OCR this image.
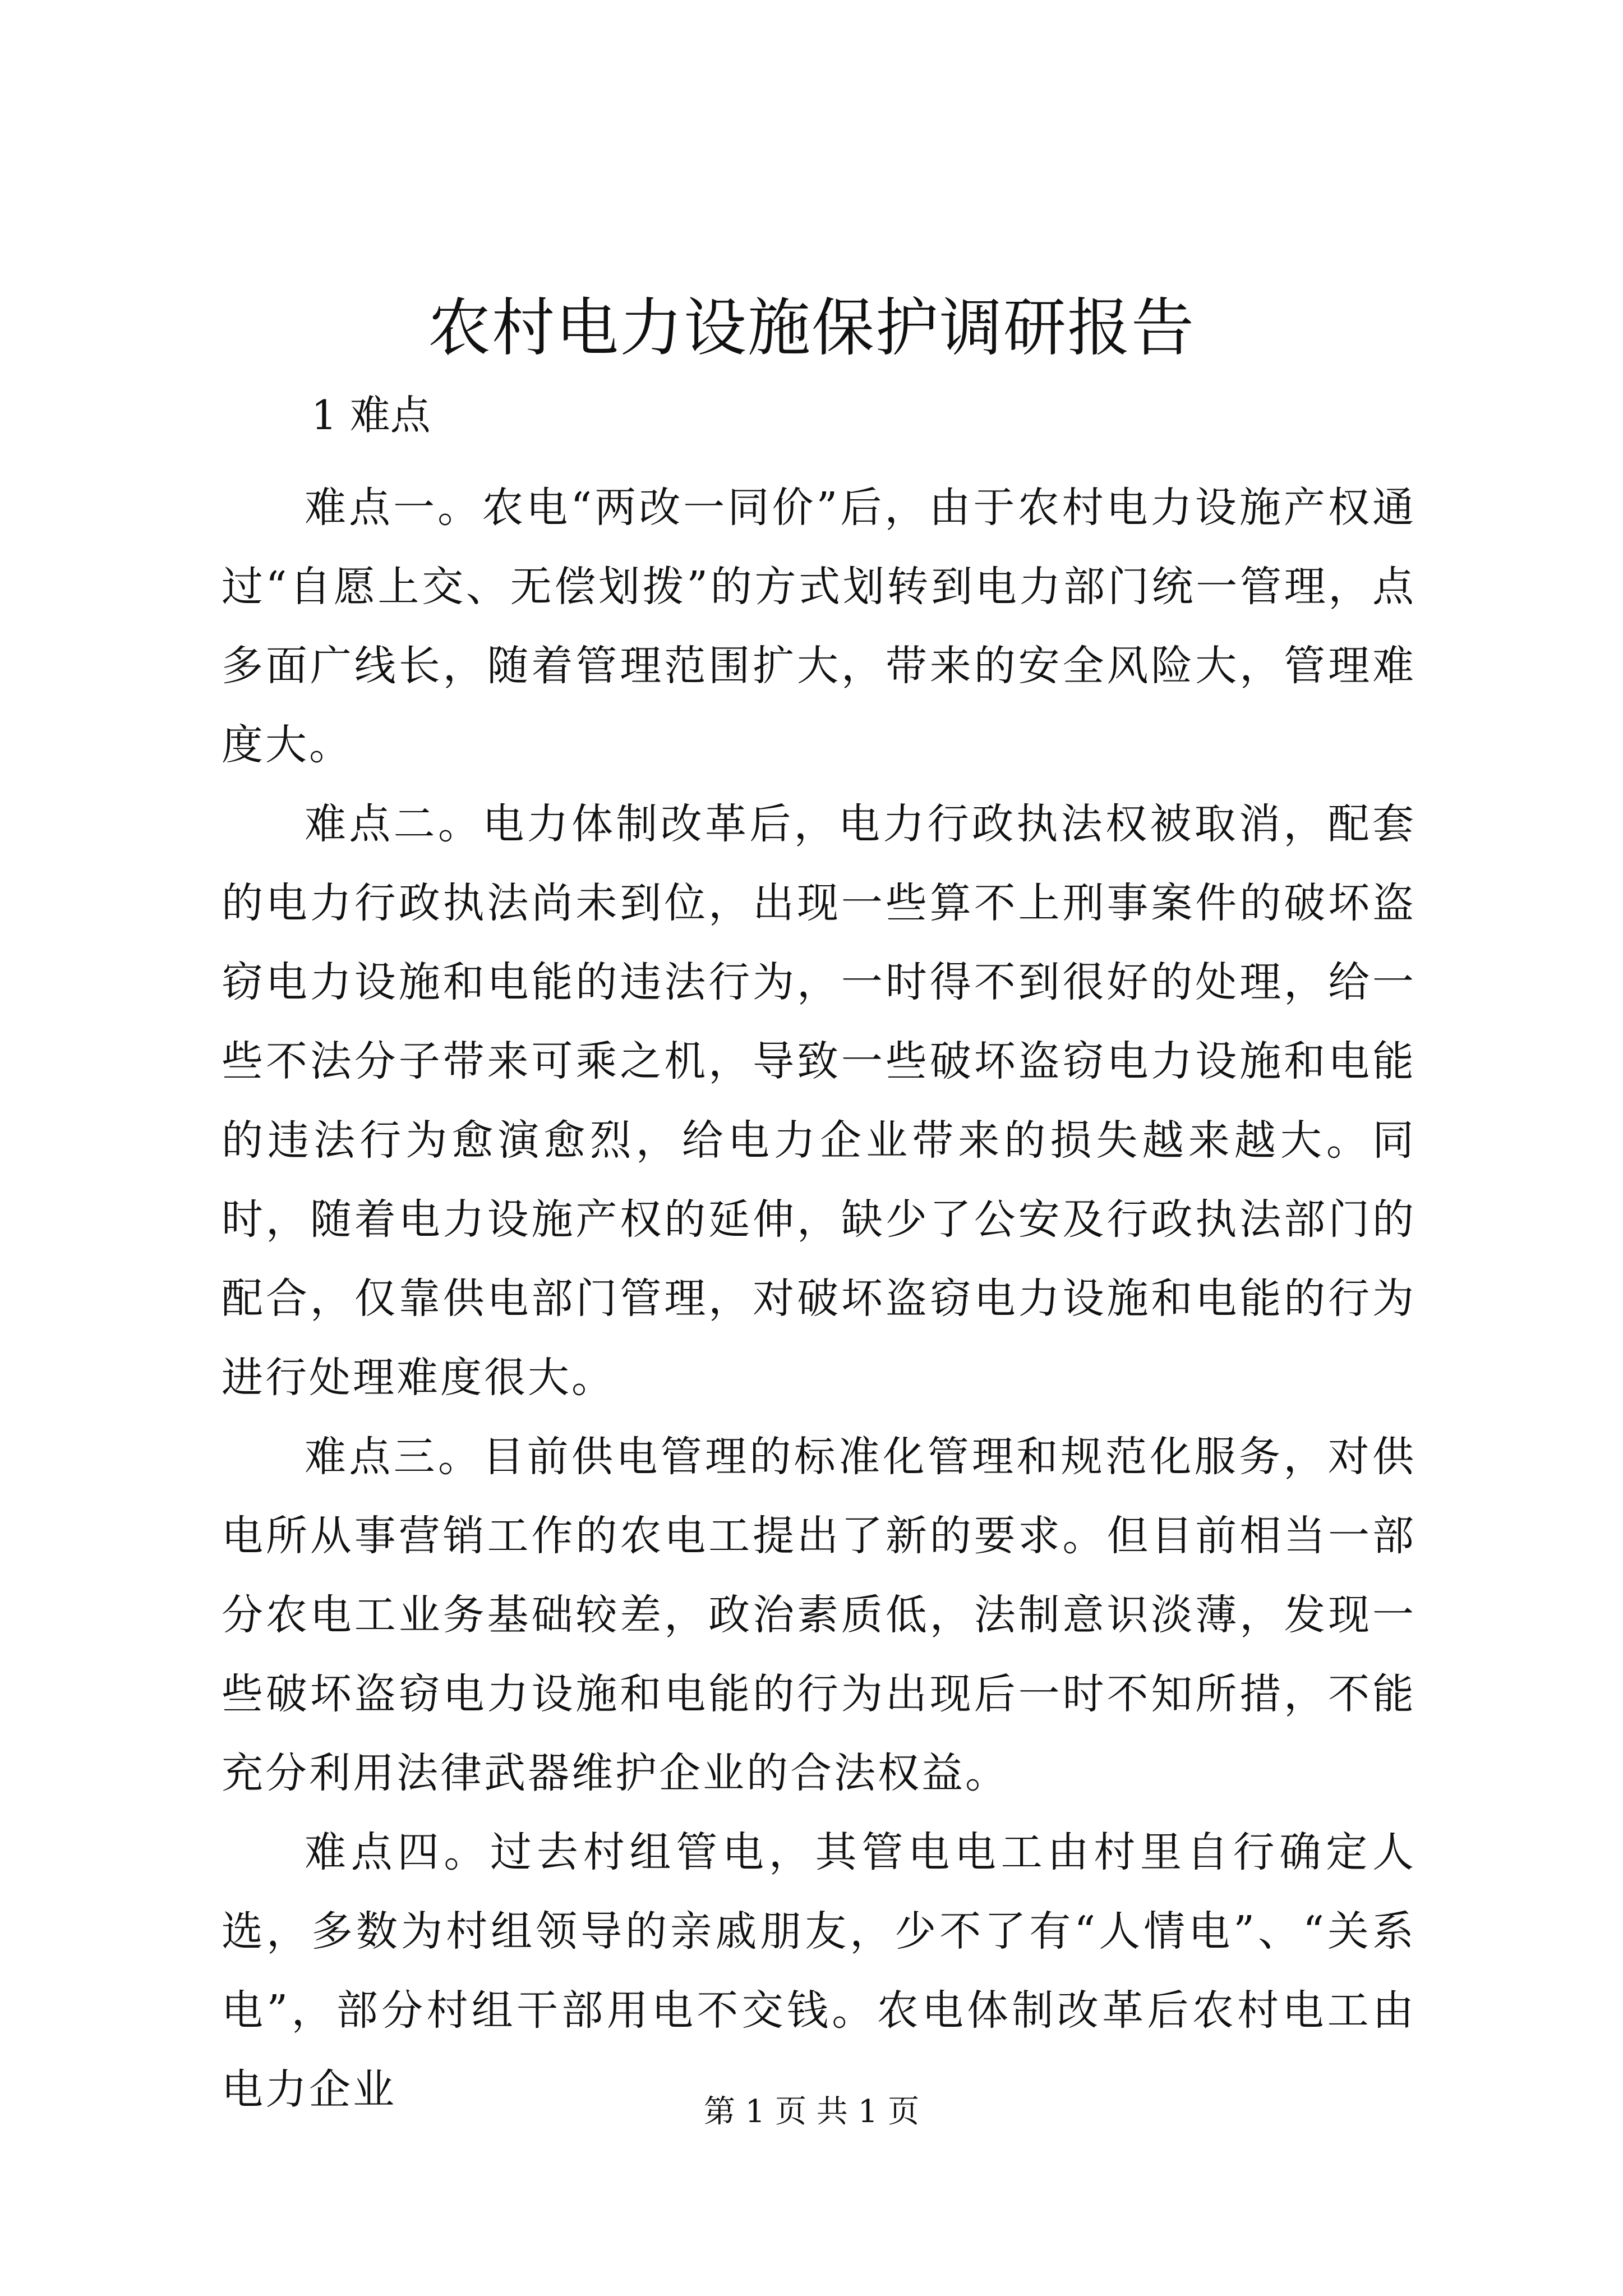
农村电力设施保护调研报告
1 难点

难点一。农电“两改一同价”后，由于农村电力设施产权通过“自愿上交、无偿划拨”的方式划转到电力部门统一管理，点多面广线长，随着管理范围扩大，带来的安全风险大，管理难度大。

难点二。电力体制改革后，电力行政执法权被取消，配套的电力行政执法尚未到位，出现一些算不上刑事案件的破坏盗窃电力设施和电能的违法行为，一时得不到很好的处理，给一些不法分子带来可乘之机，导致一些破坏盗窃电力设施和电能的违法行为愈演愈烈，给电力企业带来的损失越来越大。同时，随着电力设施产权的延伸，缺少了公安及行政执法部门的配合，仅靠供电部门管理，对破坏盗窃电力设施和电能的行为进行处理难度很大。

难点三。目前供电管理的标准化管理和规范化服务，对供电所从事营销工作的农电工提出了新的要求。但目前相当一部分农电工业务基础较差，政治素质低，法制意识淡薄，发现一些破坏盗窃电力设施和电能的行为出现后一时不知所措，不能充分利用法律武器维护企业的合法权益。

难点四。过去村组管电，其管电电工由村里自行确定人选，多数为村组领导的亲戚朋友，少不了有“人情电”、“关系电”，部分村组干部用电不交钱。农电体制改革后农村电工由电力企业	第 1 页 共 1 页
